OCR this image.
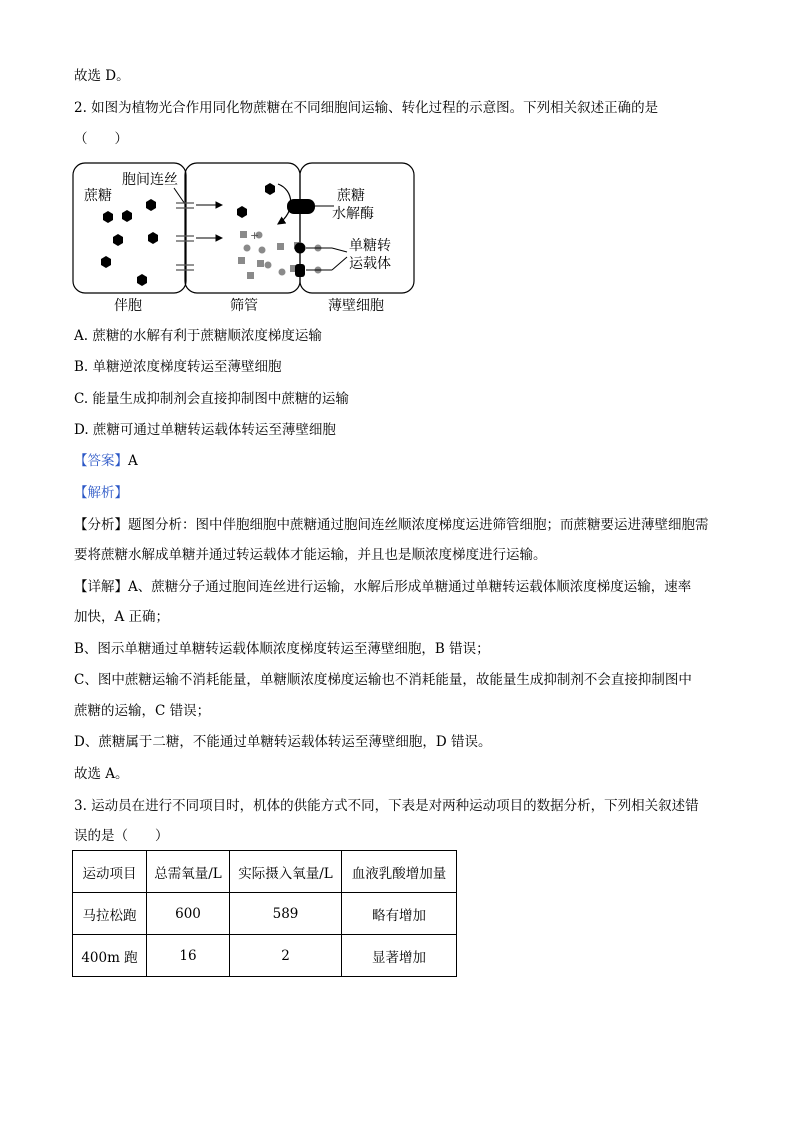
故选 D。
2. 如图为植物光合作用同化物蔗糖在不同细胞间运输、转化过程的示意图。下列相关叙述正确的是
（　　）
蔗糖
胞间连丝
蔗糖
水解酶
+
单糖转
运载体
伴胞	筛管	薄壁细胞
A. 蔗糖的水解有利于蔗糖顺浓度梯度运输
B. 单糖逆浓度梯度转运至薄壁细胞
C. 能量生成抑制剂会直接抑制图中蔗糖的运输
D. 蔗糖可通过单糖转运载体转运至薄壁细胞
【答案】A
【解析】
【分析】题图分析：图中伴胞细胞中蔗糖通过胞间连丝顺浓度梯度运进筛管细胞；而蔗糖要运进薄壁细胞需
要将蔗糖水解成单糖并通过转运载体才能运输，并且也是顺浓度梯度进行运输。
【详解】A、蔗糖分子通过胞间连丝进行运输，水解后形成单糖通过单糖转运载体顺浓度梯度运输，速率
加快，A 正确；
B、图示单糖通过单糖转运载体顺浓度梯度转运至薄壁细胞，B 错误；
C、图中蔗糖运输不消耗能量，单糖顺浓度梯度运输也不消耗能量，故能量生成抑制剂不会直接抑制图中
蔗糖的运输，C 错误；
D、蔗糖属于二糖，不能通过单糖转运载体转运至薄壁细胞，D 错误。
故选 A。
3. 运动员在进行不同项目时，机体的供能方式不同，下表是对两种运动项目的数据分析，下列相关叙述错
误的是（　　）
运动项目	总需氧量/L	实际摄入氧量/L	血液乳酸增加量
马拉松跑	600	589	略有增加
400m 跑	16	2	显著增加
